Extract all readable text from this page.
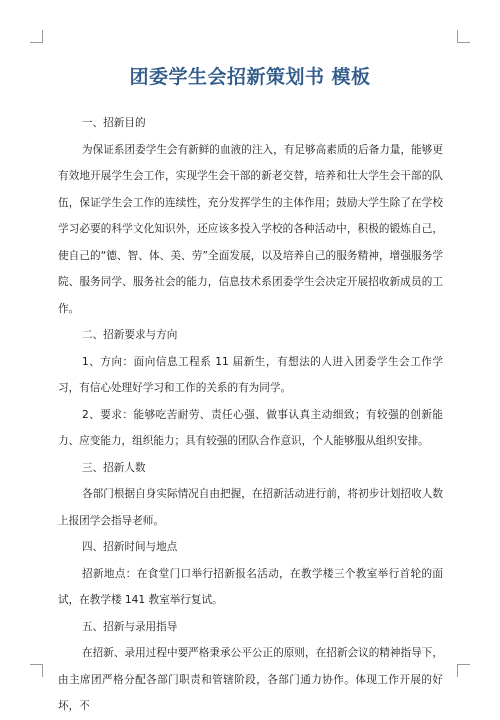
团委学生会招新策划书 模板
一、招新目的

为保证系团委学生会有新鲜的血液的注入，有足够高素质的后备力量，能够更有效地开展学生会工作，实现学生会干部的新老交替，培养和壮大学生会干部的队伍，保证学生会工作的连续性，充分发挥学生的主体作用；鼓励大学生除了在学校学习必要的科学文化知识外，还应该多投入学校的各种活动中，积极的锻炼自己，使自己的“德、智、体、美、劳”全面发展，以及培养自己的服务精神，增强服务学院、服务同学、服务社会的能力，信息技术系团委学生会决定开展招收新成员的工作。

二、招新要求与方向

1、方向：面向信息工程系 11 届新生，有想法的人进入团委学生会工作学习，有信心处理好学习和工作的关系的有为同学。

2、要求：能够吃苦耐劳、责任心强、做事认真主动细致；有较强的创新能力、应变能力，组织能力；具有较强的团队合作意识，个人能够服从组织安排。

三、招新人数

各部门根据自身实际情况自由把握，在招新活动进行前，将初步计划招收人数上报团学会指导老师。

四、招新时间与地点

招新地点：在食堂门口举行招新报名活动，在教学楼三个教室举行首轮的面试，在教学楼 141 教室举行复试。

五、招新与录用指导

在招新、录用过程中要严格秉承公平公正的原则，在招新会议的精神指导下，由主席团严格分配各部门职责和管辖阶段，各部门通力协作。体现工作开展的好坏，不
